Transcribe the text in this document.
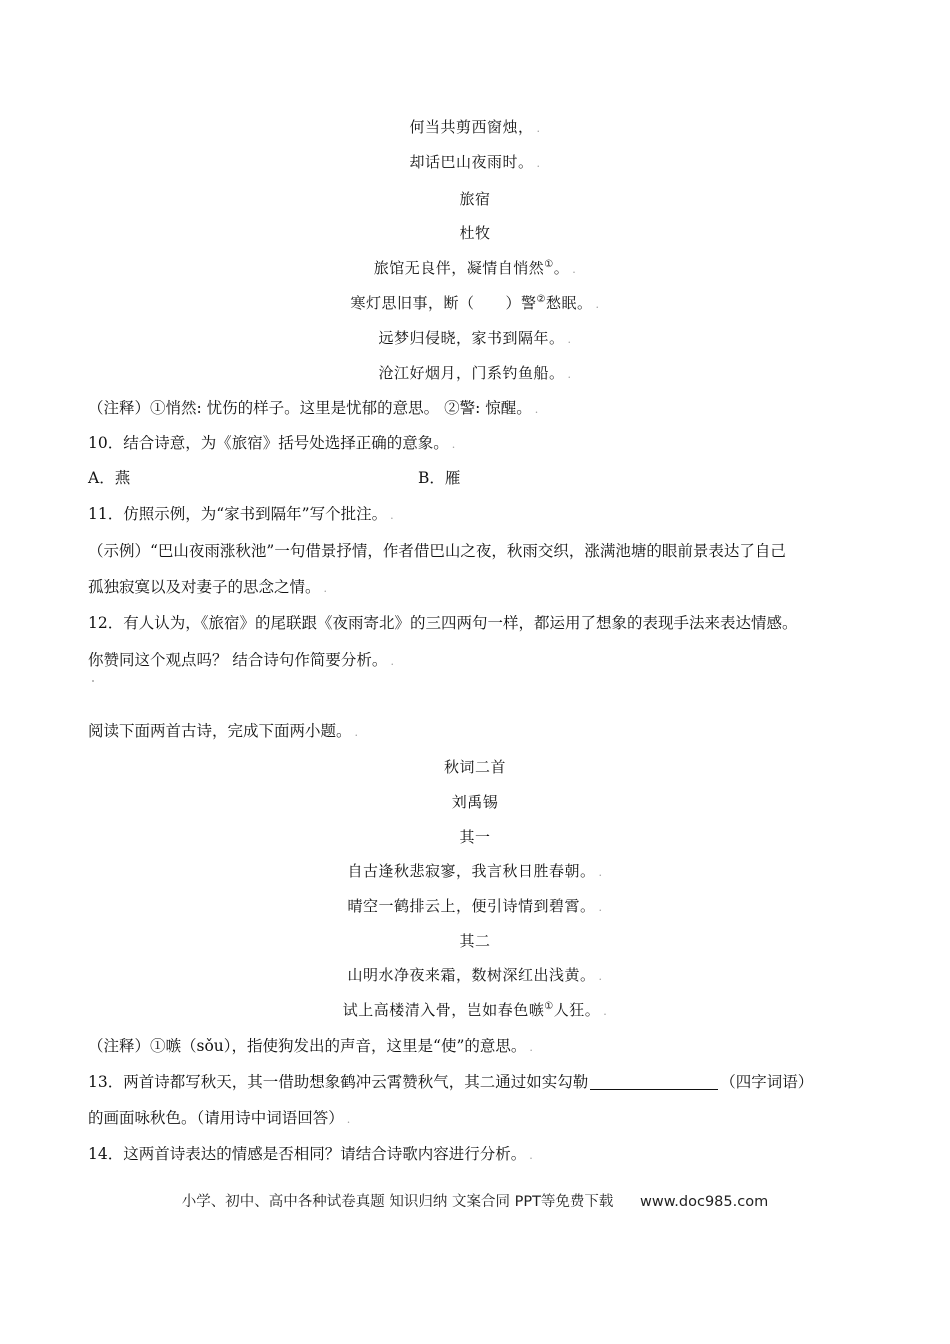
何当共剪西窗烛， .
却话巴山夜雨时。 .
旅宿
杜牧
旅馆无良伴，凝情自悄然①。 .
寒灯思旧事，断（　　）警②愁眠。 .
远梦归侵晓，家书到隔年。 .
沧江好烟月，门系钓鱼船。 .
（注释）①悄然: 忧伤的样子。这里是忧郁的意思。 ②警: 惊醒。 .
10．结合诗意，为《旅宿》括号处选择正确的意象。 .
A．燕	B．雁
11．仿照示例，为“家书到隔年”写个批注。 .
（示例）“巴山夜雨涨秋池”一句借景抒情，作者借巴山之夜，秋雨交织，涨满池塘的眼前景表达了自己
孤独寂寞以及对妻子的思念之情。 .
12．有人认为，《旅宿》的尾联跟《夜雨寄北》的三四两句一样，都运用了想象的表现手法来表达情感。
你赞同这个观点吗？ 结合诗句作简要分析。 .
阅读下面两首古诗，完成下面两小题。 .
秋词二首
刘禹锡
其一
自古逢秋悲寂寥，我言秋日胜春朝。 .
晴空一鹤排云上，便引诗情到碧霄。 .
其二
山明水净夜来霜，数树深红出浅黄。 .
试上高楼清入骨，岂如春色嗾①人狂。 .
（注释）①嗾（sǒu），指使狗发出的声音，这里是“使”的意思。 .
13．两首诗都写秋天，其一借助想象鹤冲云霄赞秋气，其二通过如实勾勒	（四字词语）
的画面咏秋色。（请用诗中词语回答） .
14．这两首诗表达的情感是否相同？请结合诗歌内容进行分析。 .
小学、初中、高中各种试卷真题 知识归纳 文案合同 PPT等免费下载 www.doc985.com
